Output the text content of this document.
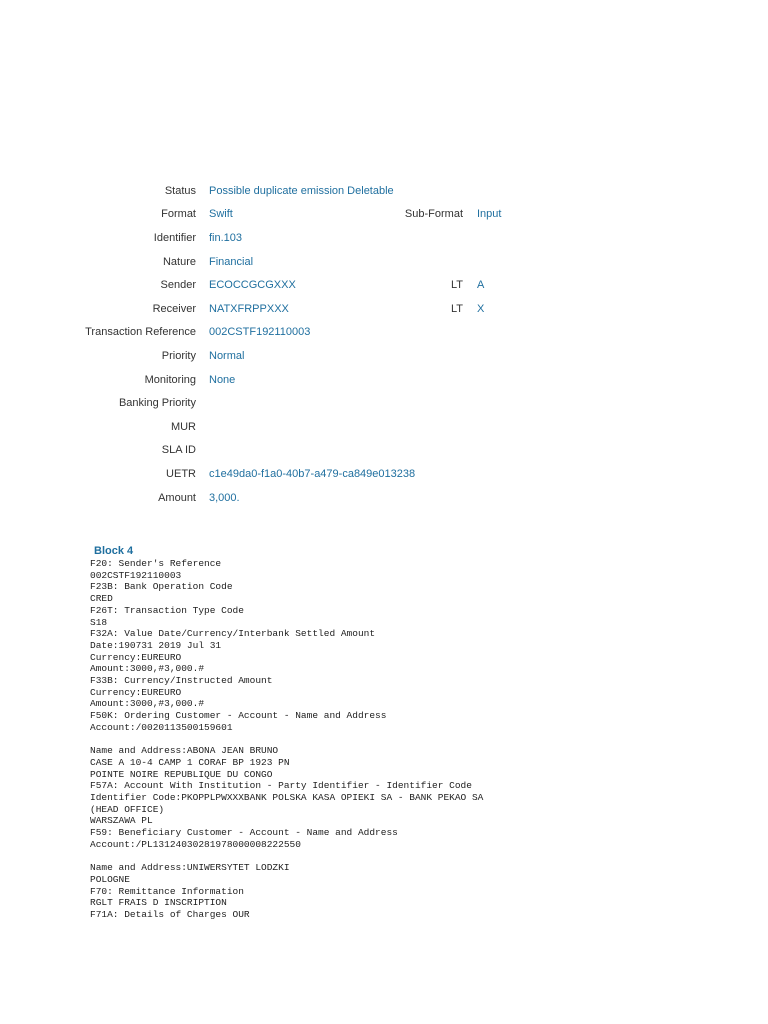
Status Possible duplicate emission Deletable
Format Swift	Sub-Format Input
Identifier fin.103
Nature Financial
Sender ECOCCGCGXXX	LT A
Receiver NATXFRPPXXX	LT X
Transaction Reference 002CSTF192110003
Priority Normal
Monitoring None
Banking Priority
MUR
SLA ID
UETR c1e49da0-f1a0-40b7-a479-ca849e013238
Amount 3,000.
Block 4
F20: Sender's Reference
002CSTF192110003
F23B: Bank Operation Code
CRED
F26T: Transaction Type Code
S18
F32A: Value Date/Currency/Interbank Settled Amount
Date:190731 2019 Jul 31
Currency:EUREURO
Amount:3000,#3,000.#
F33B: Currency/Instructed Amount
Currency:EUREURO
Amount:3000,#3,000.#
F50K: Ordering Customer - Account - Name and Address
Account:/0020113500159601

Name and Address:ABONA JEAN BRUNO
CASE A 10-4 CAMP 1 CORAF BP 1923 PN
POINTE NOIRE REPUBLIQUE DU CONGO
F57A: Account With Institution - Party Identifier - Identifier Code
Identifier Code:PKOPPLPWXXXBANK POLSKA KASA OPIEKI SA - BANK PEKAO SA
(HEAD OFFICE)
WARSZAWA PL
F59: Beneficiary Customer - Account - Name and Address
Account:/PL13124030281978000008222550

Name and Address:UNIWERSYTET LODZKI
POLOGNE
F70: Remittance Information
RGLT FRAIS D INSCRIPTION
F71A: Details of Charges OUR
